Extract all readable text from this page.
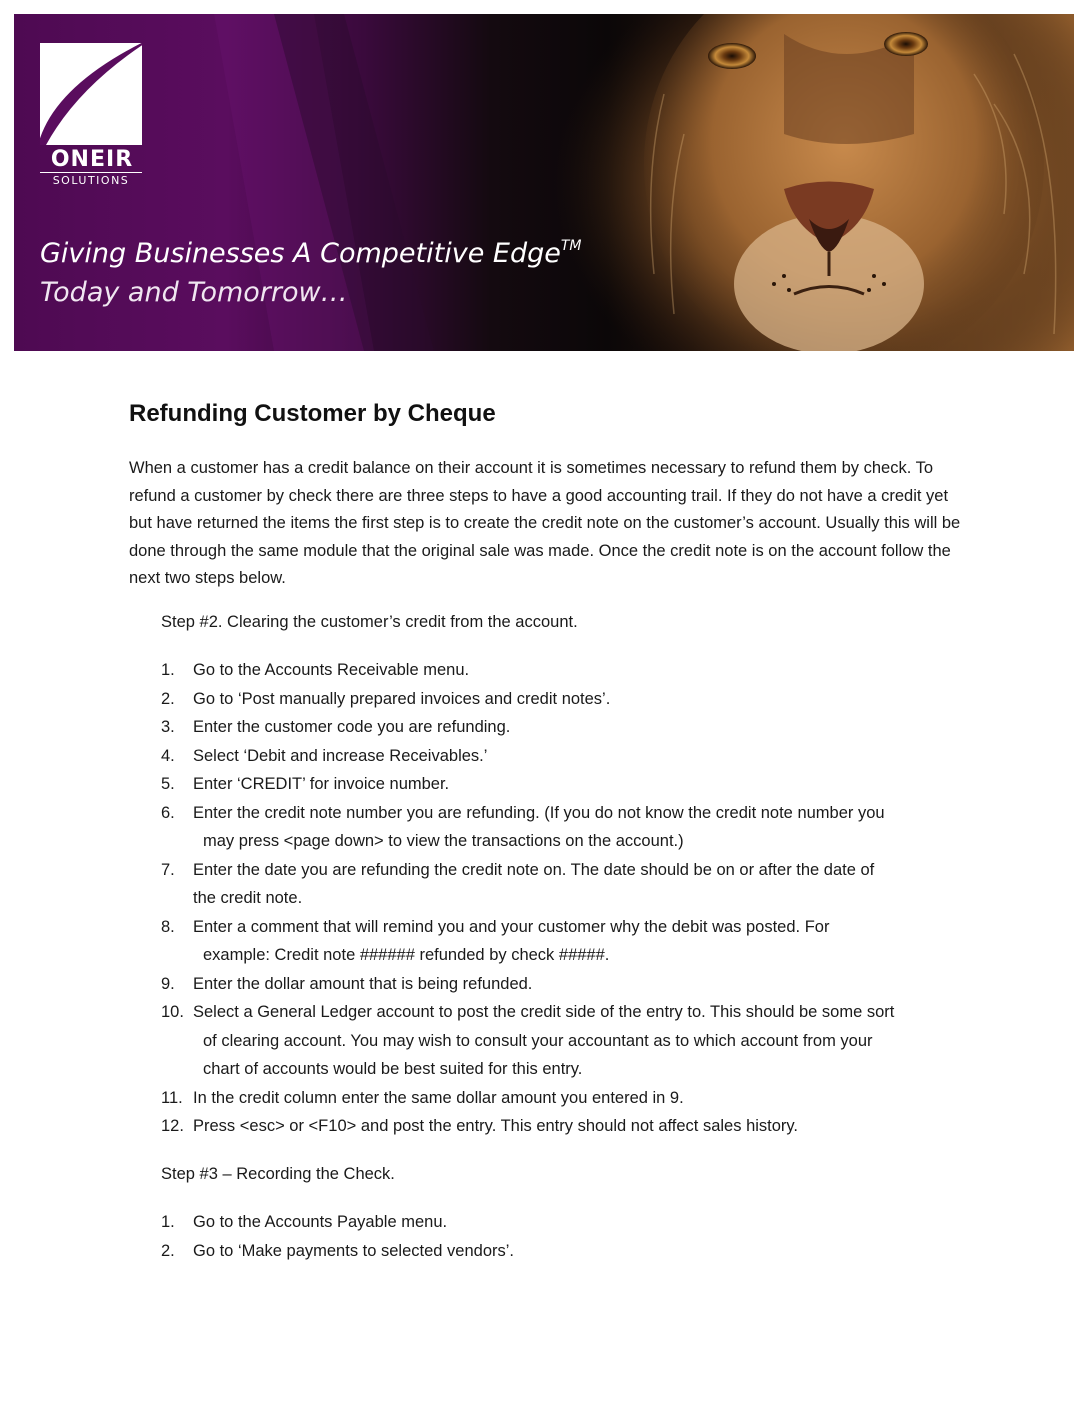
ONEIR
SOLUTIONS
Giving Businesses A Competitive Edge™
Today and Tomorrow…
Refunding Customer by Cheque

When a customer has a credit balance on their account it is sometimes necessary to refund them by check. To refund a customer by check there are three steps to have a good accounting trail. If they do not have a credit yet but have returned the items the first step is to create the credit note on the customer’s account. Usually this will be done through the same module that the original sale was made. Once the credit note is on the account follow the next two steps below.

Step #2. Clearing the customer’s credit from the account.

1. Go to the Accounts Receivable menu.
2. Go to ‘Post manually prepared invoices and credit notes’.
3. Enter the customer code you are refunding.
4. Select ‘Debit and increase Receivables.’
5. Enter ‘CREDIT’ for invoice number.
6. Enter the credit note number you are refunding. (If you do not know the credit note number you
may press <page down> to view the transactions on the account.)
7. Enter the date you are refunding the credit note on. The date should be on or after the date of
the credit note.
8. Enter a comment that will remind you and your customer why the debit was posted. For
example: Credit note ###### refunded by check #####.
9. Enter the dollar amount that is being refunded.
10. Select a General Ledger account to post the credit side of the entry to. This should be some sort
of clearing account. You may wish to consult your accountant as to which account from your
chart of accounts would be best suited for this entry.
11. In the credit column enter the same dollar amount you entered in 9.
12. Press <esc> or <F10> and post the entry. This entry should not affect sales history.

Step #3 – Recording the Check.

1. Go to the Accounts Payable menu.
2. Go to ‘Make payments to selected vendors’.
